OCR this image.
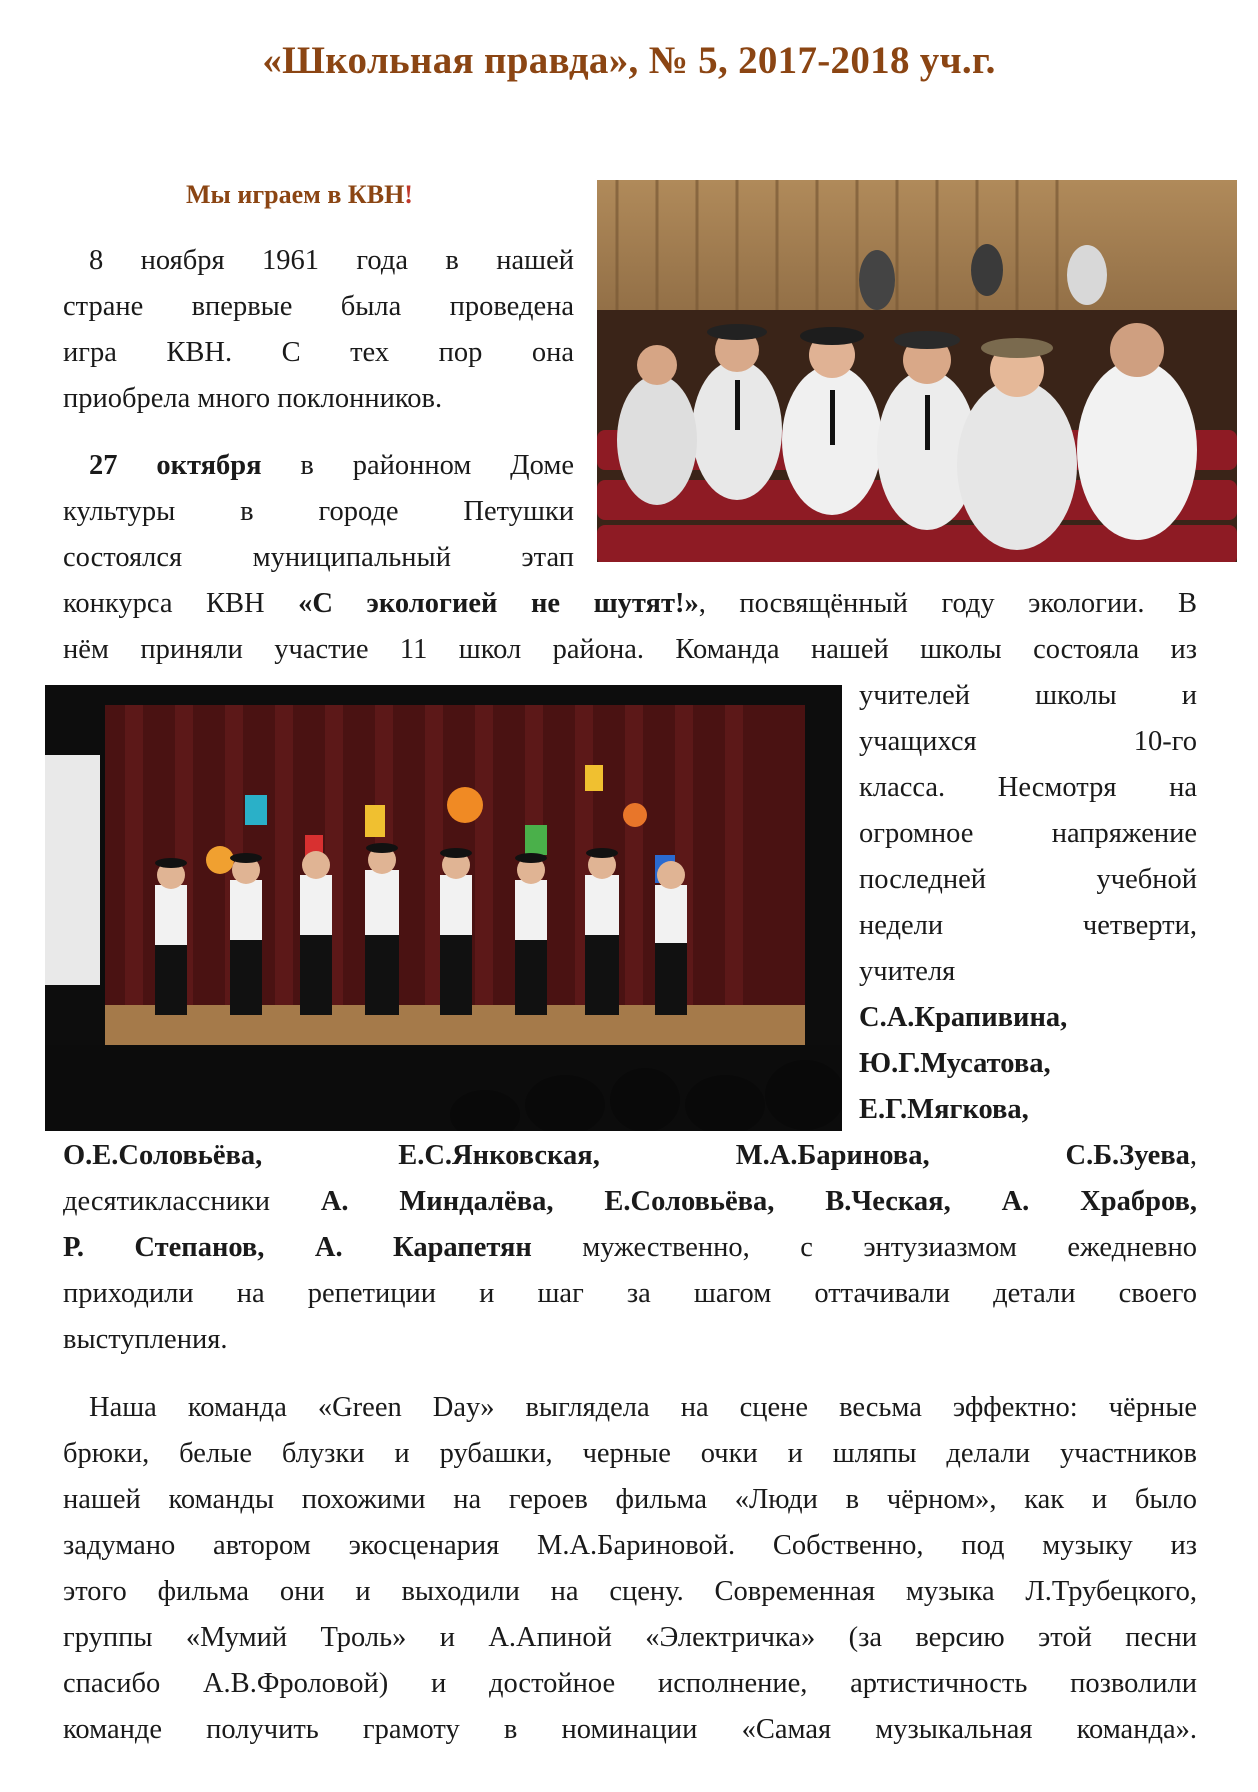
«Школьная правда», № 5, 2017-2018 уч.г.
Мы играем в КВН!
8 ноября 1961 года в нашей
стране впервые была проведена
игра КВН. С тех пор она
приобрела много поклонников.
27 октября в районном Доме
культуры в городе Петушки
состоялся муниципальный этап
конкурса КВН «С экологией не шутят!», посвящённый году экологии. В
нём приняли участие 11 школ района. Команда нашей школы состояла из
учителей школы и
учащихся 10-го
класса. Несмотря на
огромное напряжение
последней учебной
недели четверти,
учителя
С.А.Крапивина,
Ю.Г.Мусатова,
Е.Г.Мягкова,
О.Е.Соловьёва,	Е.С.Янковская,	М.А.Баринова,	С.Б.Зуева,
десятиклассники А. Миндалёва, Е.Соловьёва, В.Ческая, А. Храбров,
Р. Степанов, А. Карапетян мужественно, с энтузиазмом ежедневно
приходили на репетиции и шаг за шагом оттачивали детали своего
выступления.
Наша команда «Green Day» выглядела на сцене весьма эффектно: чёрные
брюки, белые блузки и рубашки, черные очки и шляпы делали участников
нашей команды похожими на героев фильма «Люди в чёрном», как и было
задумано автором экосценария М.А.Бариновой. Собственно, под музыку из
этого фильма они и выходили на сцену. Современная музыка Л.Трубецкого,
группы «Мумий Троль» и А.Апиной «Электричка» (за версию этой песни
спасибо А.В.Фроловой) и достойное исполнение, артистичность позволили
команде получить грамоту в номинации «Самая музыкальная команда».
